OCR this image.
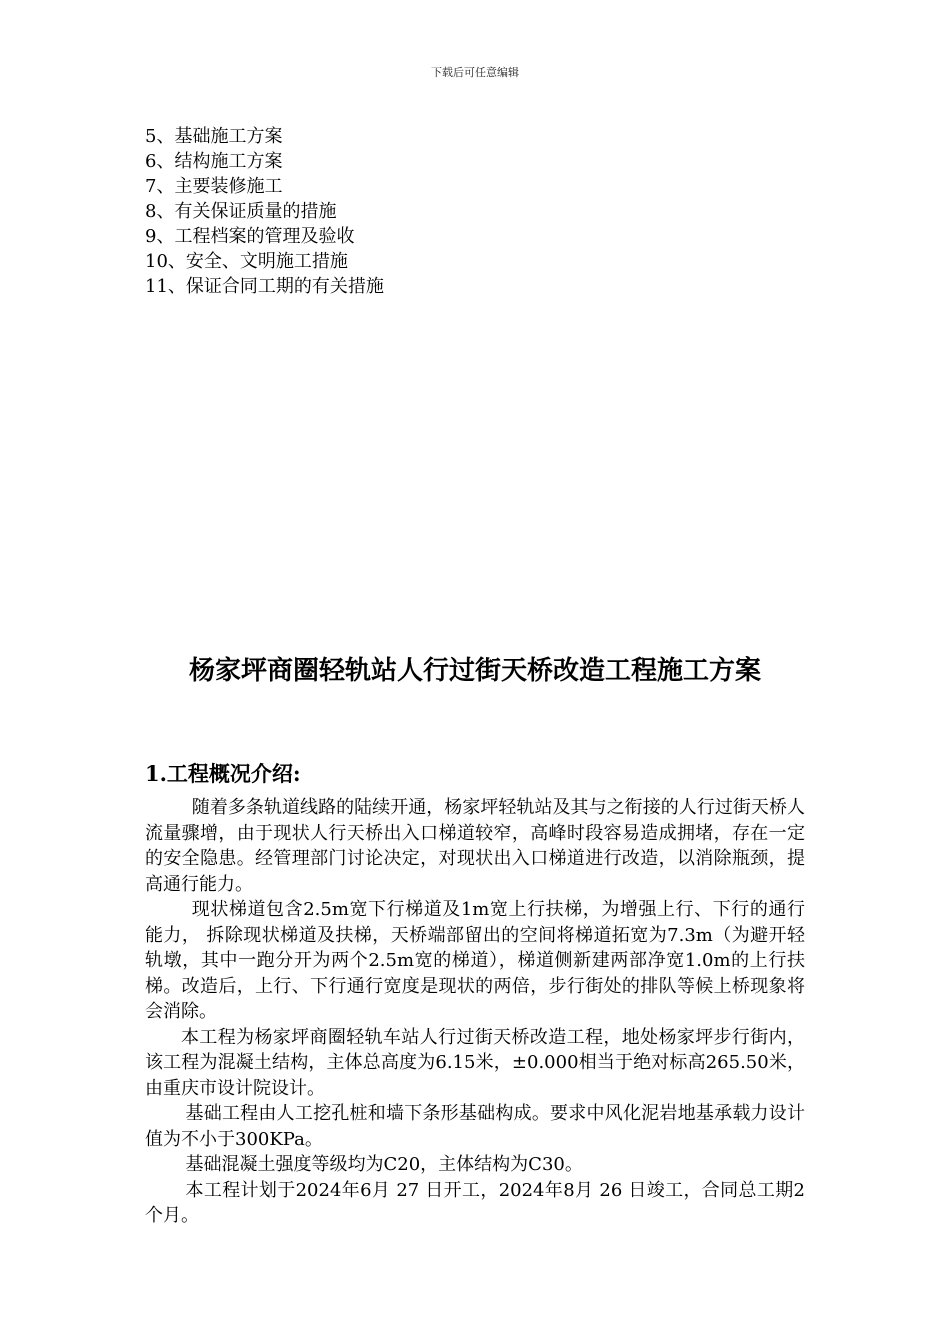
下载后可任意编辑
5、基础施工方案
6、结构施工方案
7、主要装修施工
8、有关保证质量的措施
9、工程档案的管理及验收
10、安全、文明施工措施
11、保证合同工期的有关措施
杨家坪商圈轻轨站人行过街天桥改造工程施工方案
1.工程概况介绍:

随着多条轨道线路的陆续开通，杨家坪轻轨站及其与之衔接的人行过街天桥人流量骤增，由于现状人行天桥出入口梯道较窄，高峰时段容易造成拥堵，存在一定的安全隐患。经管理部门讨论决定，对现状出入口梯道进行改造，以消除瓶颈，提高通行能力。

现状梯道包含2.5m宽下行梯道及1m宽上行扶梯，为增强上行、下行的通行能力， 拆除现状梯道及扶梯，天桥端部留出的空间将梯道拓宽为7.3m（为避开轻轨墩，其中一跑分开为两个2.5m宽的梯道），梯道侧新建两部净宽1.0m的上行扶梯。改造后，上行、下行通行宽度是现状的两倍，步行街处的排队等候上桥现象将会消除。

本工程为杨家坪商圈轻轨车站人行过街天桥改造工程，地处杨家坪步行街内，该工程为混凝土结构，主体总高度为6.15米，±0.000相当于绝对标高265.50米，由重庆市设计院设计。

基础工程由人工挖孔桩和墙下条形基础构成。要求中风化泥岩地基承载力设计值为不小于300KPa。

基础混凝土强度等级均为C20，主体结构为C30。

本工程计划于2024年6月 27 日开工，2024年8月 26 日竣工，合同总工期2个月。
